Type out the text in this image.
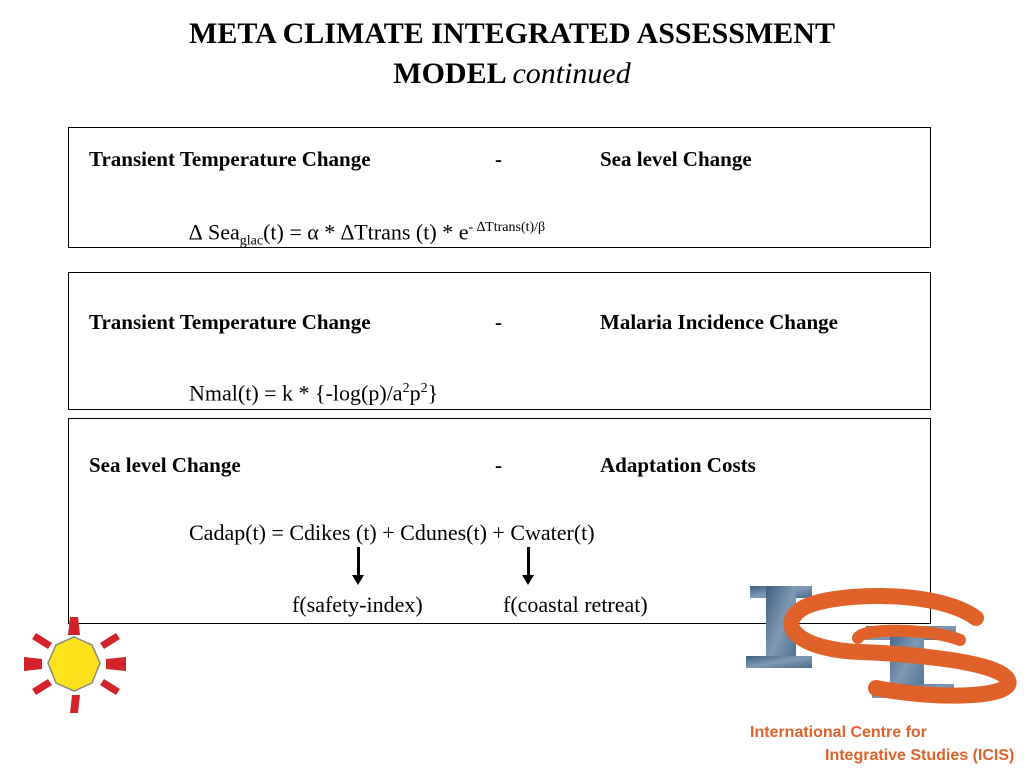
META CLIMATE INTEGRATED ASSESSMENT
MODEL continued
Transient Temperature Change	-	Sea level Change
∆ Sea$_{glac}$(t) = α * ∆Ttrans $(t) * e^{- \Delta Ttrans(t)/\beta}$
Transient Temperature Change	-	Malaria Incidence Change
Nmal(t) = k * $\{-\log(p)/a^2p^2\}$
Sea level Change	-	Adaptation Costs
Cadap(t) = Cdikes (t) + Cdunes(t) + Cwater(t)
f(safety-index)	f(coastal retreat)
International Centre for
Integrative Studies (ICIS)
